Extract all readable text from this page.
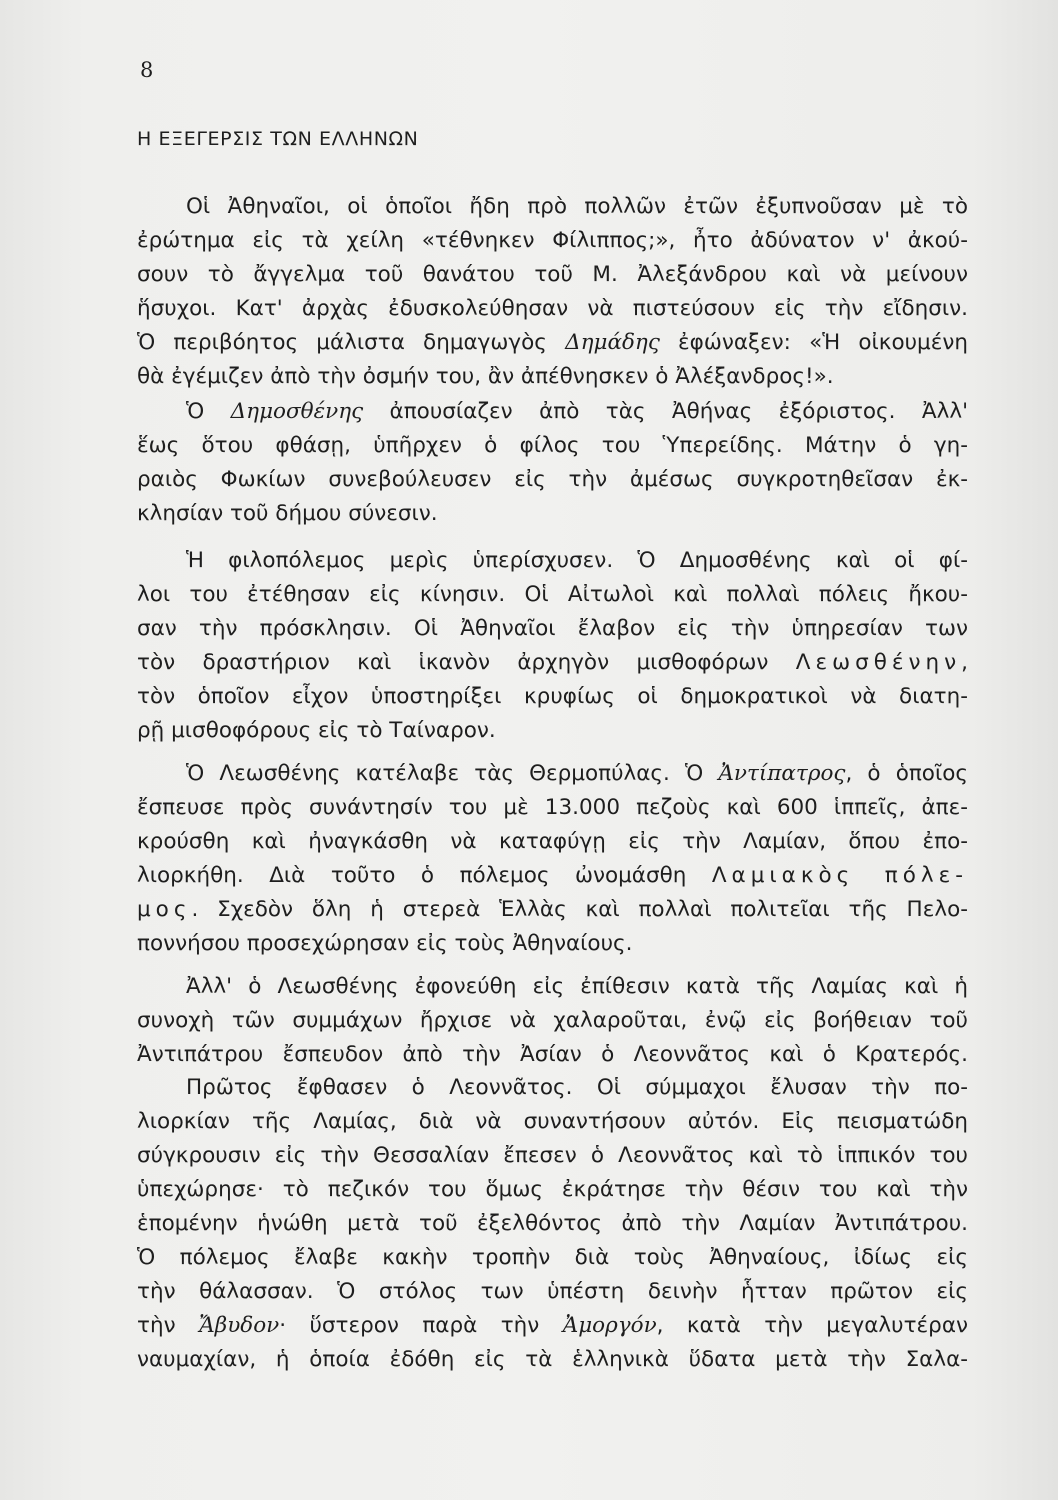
8
Η ΕΞΕΓΕΡΣΙΣ ΤΩΝ ΕΛΛΗΝΩΝ
Οἱ Ἀθηναῖοι, οἱ ὁποῖοι ἤδη πρὸ πολλῶν ἐτῶν ἐξυπνοῦσαν μὲ τὸ
ἐρώτημα εἰς τὰ χείλη «τέθνηκεν Φίλιππος;», ἦτο ἀδύνατον ν' ἀκού-
σουν τὸ ἄγγελμα τοῦ θανάτου τοῦ Μ. Ἀλεξάνδρου καὶ νὰ μείνουν
ἥσυχοι. Κατ' ἀρχὰς ἐδυσκολεύθησαν νὰ πιστεύσουν εἰς τὴν εἴδησιν.
Ὁ περιβόητος μάλιστα δημαγωγὸς Δημάδης ἐφώναξεν: «Ἡ οἰκουμένη
θὰ ἐγέμιζεν ἀπὸ τὴν ὀσμήν του, ἂν ἀπέθνησκεν ὁ Ἀλέξανδρος!».
Ὁ Δημοσθένης ἀπουσίαζεν ἀπὸ τὰς Ἀθήνας ἐξόριστος. Ἀλλ'
ἕως ὅτου φθάσῃ, ὑπῆρχεν ὁ φίλος του Ὑπερείδης. Μάτην ὁ γη-
ραιὸς Φωκίων συνεβούλευσεν εἰς τὴν ἀμέσως συγκροτηθεῖσαν ἐκ-
κλησίαν τοῦ δήμου σύνεσιν.
Ἡ φιλοπόλεμος μερὶς ὑπερίσχυσεν. Ὁ Δημοσθένης καὶ οἱ φί-
λοι του ἐτέθησαν εἰς κίνησιν. Οἱ Αἰτωλοὶ καὶ πολλαὶ πόλεις ἤκου-
σαν τὴν πρόσκλησιν. Οἱ Ἀθηναῖοι ἔλαβον εἰς τὴν ὑπηρεσίαν των
τὸν δραστήριον καὶ ἱκανὸν ἀρχηγὸν μισθοφόρων Λεωσθένην,
τὸν ὁποῖον εἶχον ὑποστηρίξει κρυφίως οἱ δημοκρατικοὶ νὰ διατη-
ρῇ μισθοφόρους εἰς τὸ Ταίναρον.
Ὁ Λεωσθένης κατέλαβε τὰς Θερμοπύλας. Ὁ Ἀντίπατρος, ὁ ὁποῖος
ἔσπευσε πρὸς συνάντησίν του μὲ 13.000 πεζοὺς καὶ 600 ἱππεῖς, ἀπε-
κρούσθη καὶ ἠναγκάσθη νὰ καταφύγῃ εἰς τὴν Λαμίαν, ὅπου ἐπο-
λιορκήθη. Διὰ τοῦτο ὁ πόλεμος ὠνομάσθη Λαμιακὸς πόλε-
μος. Σχεδὸν ὅλη ἡ στερεὰ Ἑλλὰς καὶ πολλαὶ πολιτεῖαι τῆς Πελο-
ποννήσου προσεχώρησαν εἰς τοὺς Ἀθηναίους.
Ἀλλ' ὁ Λεωσθένης ἐφονεύθη εἰς ἐπίθεσιν κατὰ τῆς Λαμίας καὶ ἡ
συνοχὴ τῶν συμμάχων ἤρχισε νὰ χαλαροῦται, ἐνῷ εἰς βοήθειαν τοῦ
Ἀντιπάτρου ἔσπευδον ἀπὸ τὴν Ἀσίαν ὁ Λεοννᾶτος καὶ ὁ Κρατερός.
Πρῶτος ἔφθασεν ὁ Λεοννᾶτος. Οἱ σύμμαχοι ἔλυσαν τὴν πο-
λιορκίαν τῆς Λαμίας, διὰ νὰ συναντήσουν αὐτόν. Εἰς πεισματώδη
σύγκρουσιν εἰς τὴν Θεσσαλίαν ἔπεσεν ὁ Λεοννᾶτος καὶ τὸ ἱππικόν του
ὑπεχώρησε· τὸ πεζικόν του ὅμως ἐκράτησε τὴν θέσιν του καὶ τὴν
ἑπομένην ἡνώθη μετὰ τοῦ ἐξελθόντος ἀπὸ τὴν Λαμίαν Ἀντιπάτρου.
Ὁ πόλεμος ἔλαβε κακὴν τροπὴν διὰ τοὺς Ἀθηναίους, ἰδίως εἰς
τὴν θάλασσαν. Ὁ στόλος των ὑπέστη δεινὴν ἧτταν πρῶτον εἰς
τὴν Ἄβυδον· ὕστερον παρὰ τὴν Ἀμοργόν, κατὰ τὴν μεγαλυτέραν
ναυμαχίαν, ἡ ὁποία ἐδόθη εἰς τὰ ἑλληνικὰ ὕδατα μετὰ τὴν Σαλα-
